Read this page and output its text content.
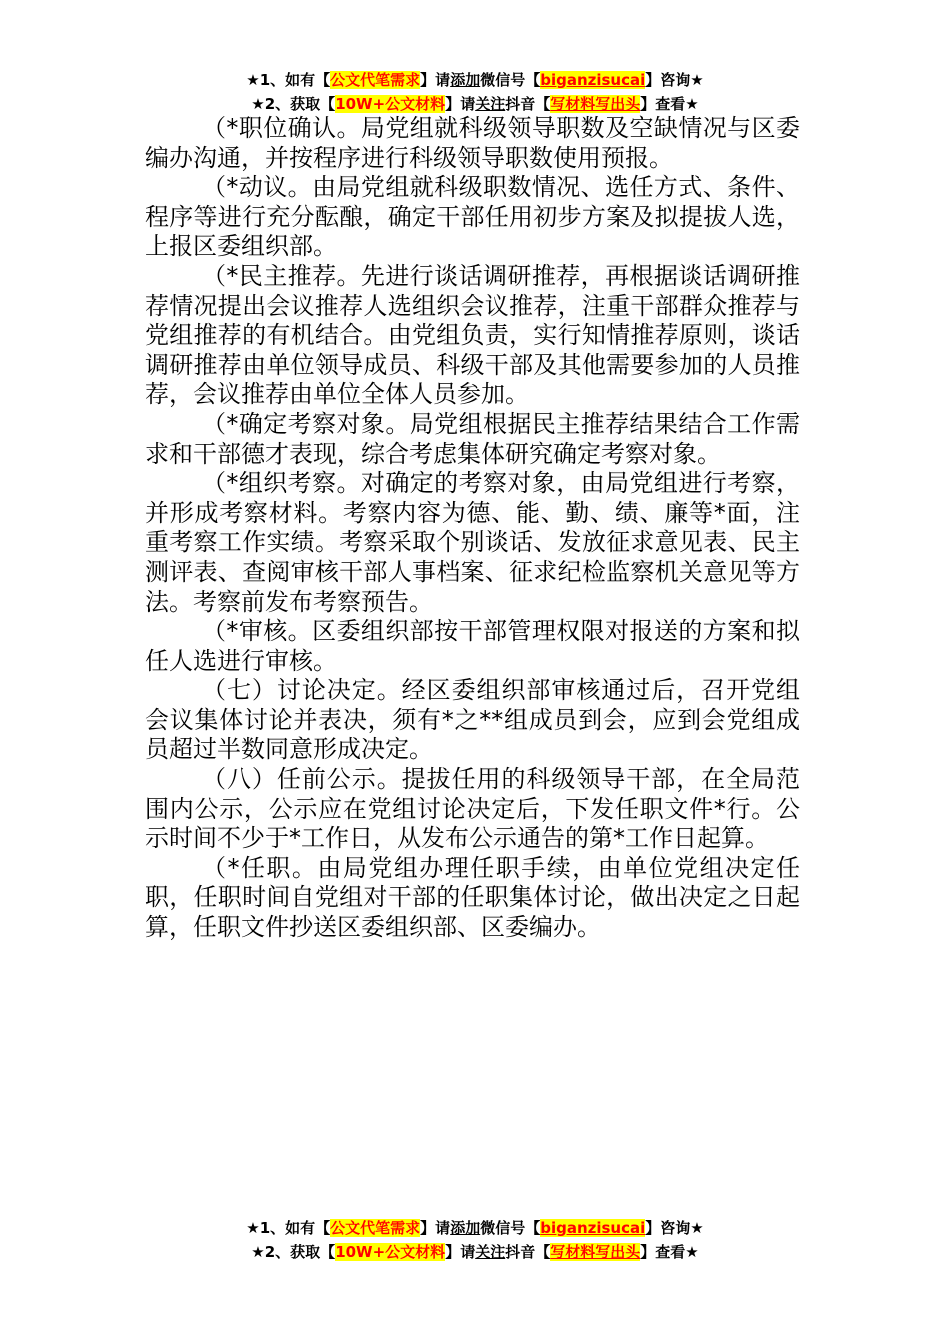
★1、如有【公文代笔需求】请添加微信号【biganzisucai】咨询★
★2、获取【10W+公文材料】请关注抖音【写材料写出头】查看★

（*职位确认。局党组就科级领导职数及空缺情况与区委编办沟通，并按程序进行科级领导职数使用预报。

（*动议。由局党组就科级职数情况、选任方式、条件、程序等进行充分酝酿，确定干部任用初步方案及拟提拔人选，上报区委组织部。

（*民主推荐。先进行谈话调研推荐，再根据谈话调研推荐情况提出会议推荐人选组织会议推荐，注重干部群众推荐与党组推荐的有机结合。由党组负责，实行知情推荐原则，谈话调研推荐由单位领导成员、科级干部及其他需要参加的人员推荐，会议推荐由单位全体人员参加。

（*确定考察对象。局党组根据民主推荐结果结合工作需求和干部德才表现，综合考虑集体研究确定考察对象。

（*组织考察。对确定的考察对象，由局党组进行考察，并形成考察材料。考察内容为德、能、勤、绩、廉等*面，注重考察工作实绩。考察采取个别谈话、发放征求意见表、民主测评表、查阅审核干部人事档案、征求纪检监察机关意见等方法。考察前发布考察预告。

（*审核。区委组织部按干部管理权限对报送的方案和拟任人选进行审核。

（七）讨论决定。经区委组织部审核通过后，召开党组会议集体讨论并表决，须有*之**组成员到会，应到会党组成员超过半数同意形成决定。

（八）任前公示。提拔任用的科级领导干部，在全局范围内公示，公示应在党组讨论决定后，下发任职文件*行。公示时间不少于*工作日，从发布公示通告的第*工作日起算。

（*任职。由局党组办理任职手续，由单位党组决定任职，任职时间自党组对干部的任职集体讨论，做出决定之日起算，任职文件抄送区委组织部、区委编办。

★1、如有【公文代笔需求】请添加微信号【biganzisucai】咨询★
★2、获取【10W+公文材料】请关注抖音【写材料写出头】查看★
